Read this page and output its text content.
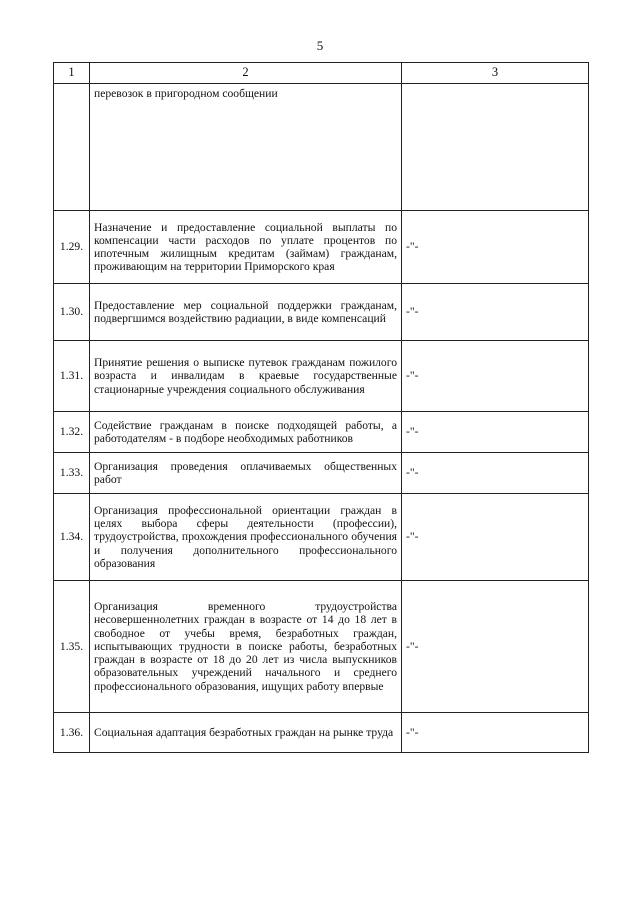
5
1	2	3
	перевозок в пригородном сообщении	
1.29.	Назначение и предоставление социальной выплаты по компенсации части расходов по уплате процентов по ипотечным жилищным кредитам (займам) гражданам, проживающим на территории Приморского края	-"-
1.30.	Предоставление мер социальной поддержки гражданам, подвергшимся воздействию радиации, в виде компенсаций	-"-
1.31.	Принятие решения о выписке путевок гражданам пожилого возраста и инвалидам в краевые государственные стационарные учреждения социального обслуживания	-"-
1.32.	Содействие гражданам в поиске подходящей работы, а работодателям - в подборе необходимых работников	-"-
1.33.	Организация проведения оплачиваемых общественных работ	-"-
1.34.	Организация профессиональной ориентации граждан в целях выбора сферы деятельности (профессии), трудоустройства, прохождения профессионального обучения и получения дополнительного профессионального образования	-"-
1.35.	Организация временного трудоустройства несовершеннолетних граждан в возрасте от 14 до 18 лет в свободное от учебы время, безработных граждан, испытывающих трудности в поиске работы, безработных граждан в возрасте от 18 до 20 лет из числа выпускников образовательных учреждений начального и среднего профессионального образования, ищущих работу впервые	-"-
1.36.	Социальная адаптация безработных граждан на рынке труда	-"-
